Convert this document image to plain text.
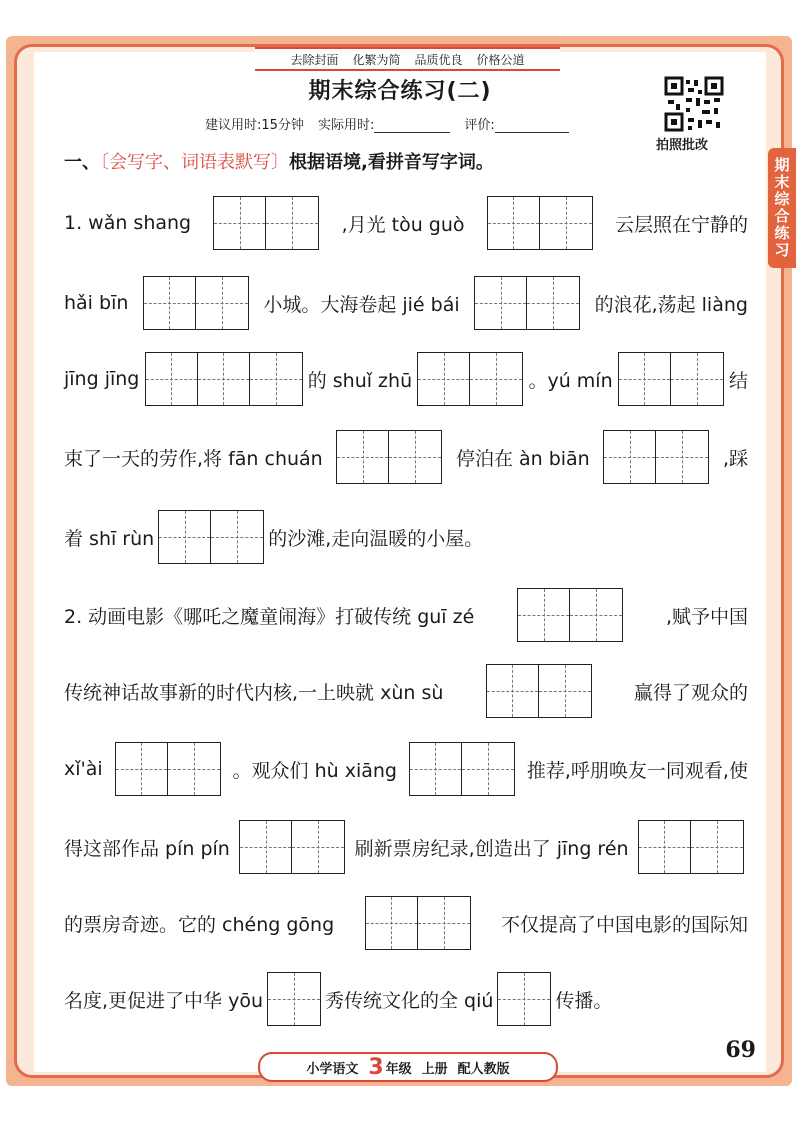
去除封面 化繁为简 品质优良 价格公道
期末综合练习(二)
建议用时:15分钟 实际用时:	评价:
拍照批改
期末综合练习
一、〔会写字、词语表默写〕根据语境,看拼音写字词。
1. wǎn shang	,月光 tòu guò	云层照在宁静的
hǎi bīn	小城。大海卷起 jié bái	的浪花,荡起 liàng
jīng jīng	的 shuǐ zhū	。yú mín	结
束了一天的劳作,将 fān chuán	停泊在 àn biān	,踩
着 shī rùn	的沙滩,走向温暖的小屋。
2. 动画电影《哪吒之魔童闹海》打破传统 guī zé	,赋予中国
传统神话故事新的时代内核,一上映就 xùn sù	赢得了观众的
xǐ'ài	。观众们 hù xiāng	推荐,呼朋唤友一同观看,使
得这部作品 pín pín	刷新票房纪录,创造出了 jīng rén
的票房奇迹。它的 chéng gōng	不仅提高了中国电影的国际知
名度,更促进了中华 yōu	秀传统文化的全 qiú	传播。
69
小学语文 3 年级 上册 配人教版
